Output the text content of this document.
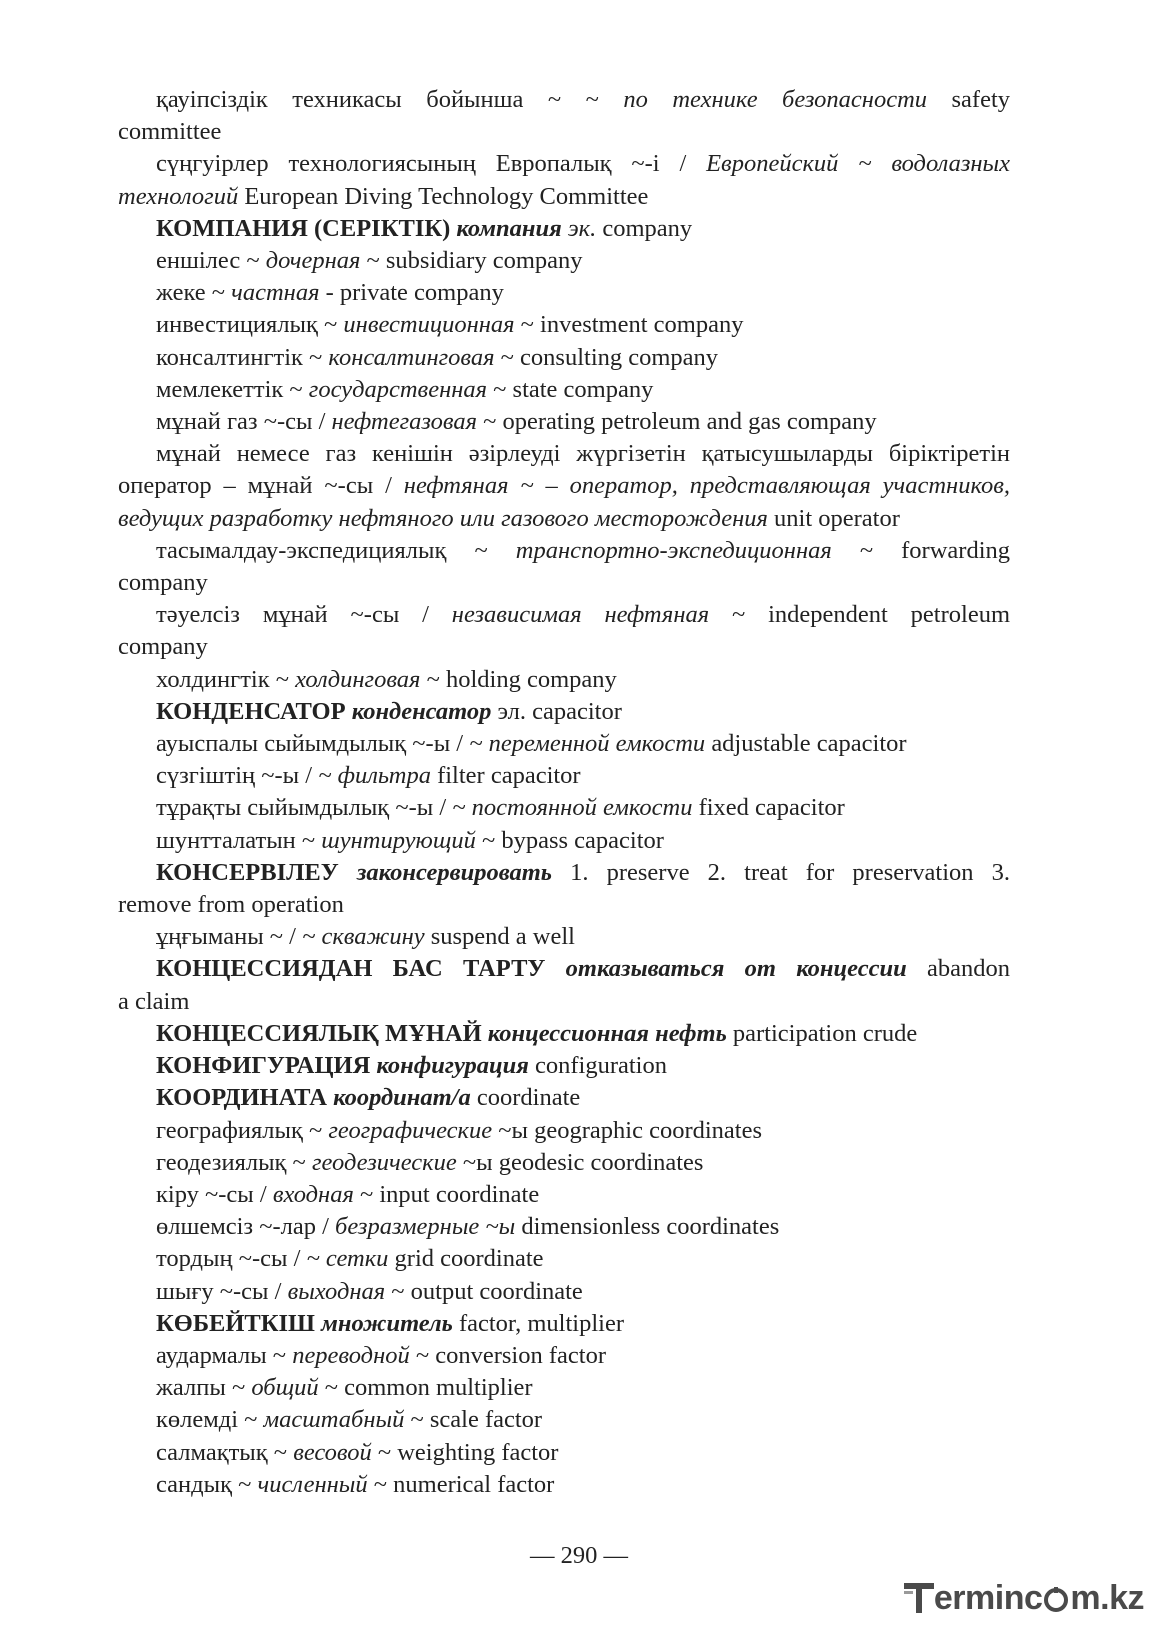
қауіпсіздік техникасы бойынша ~ ~ по технике безопасности safety
committee
сүңгуірлер технологиясының Европалық ~-і / Европейский ~ водолазных
технологий European Diving Technology Committee
КОМПАНИЯ (СЕРІКТІК) компания эк. company
еншілес ~ дочерная ~ subsidiary company
жеке ~ частная - private company
инвестициялық ~ инвестиционная ~ investment company
консалтингтік ~ консалтинговая ~ consulting company
мемлекеттік ~ государственная ~ state company
мұнай газ ~-сы / нефтегазовая ~ operating petroleum and gas company
мұнай немесе газ кенішін әзірлеуді жүргізетін қатысушыларды біріктіретін
оператор – мұнай ~-сы / нефтяная ~ – оператор, представляющая участников,
ведущих разработку нефтяного или газового месторождения unit operator
тасымалдау-экспедициялық ~ транспортно-экспедиционная ~ forwarding
company
тәуелсіз мұнай ~-сы / независимая нефтяная ~ independent petroleum
company
холдингтік ~ холдинговая ~ holding company
КОНДЕНСАТОР конденсатор эл. capacitor
ауыспалы сыйымдылық ~-ы / ~ переменной емкости adjustable capacitor
сүзгіштің ~-ы / ~ фильтра filter capacitor
тұрақты сыйымдылық ~-ы / ~ постоянной емкости fixed capacitor
шунтталатын ~ шунтирующий ~ bypass capacitor
КОНСЕРВІЛЕУ законсервировать 1. preserve 2. treat for preservation 3.
remove from operation
ұңғыманы ~ / ~ скважину suspend a well
КОНЦЕССИЯДАН БАС ТАРТУ отказываться от концессии abandon
a claim
КОНЦЕССИЯЛЫҚ МҰНАЙ концессионная нефть participation crude
КОНФИГУРАЦИЯ конфигурация configuration
КООРДИНАТА координат/а coordinate
географиялық ~ географические ~ы geographic coordinates
геодезиялық ~ геодезические ~ы geodesic coordinates
кіру ~-сы / входная ~ input coordinate
өлшемсіз ~-лар / безразмерные ~ы dimensionless coordinates
тордың ~-сы / ~ сетки grid coordinate
шығу ~-сы / выходная ~ output coordinate
КӨБЕЙТКІШ множитель factor, multiplier
аудармалы ~ переводной ~ conversion factor
жалпы ~ общий ~ common multiplier
көлемді ~ масштабный ~ scale factor
салмақтық ~ весовой ~ weighting factor
сандық ~ численный ~ numerical factor
— 290 —
erminc m.kz
